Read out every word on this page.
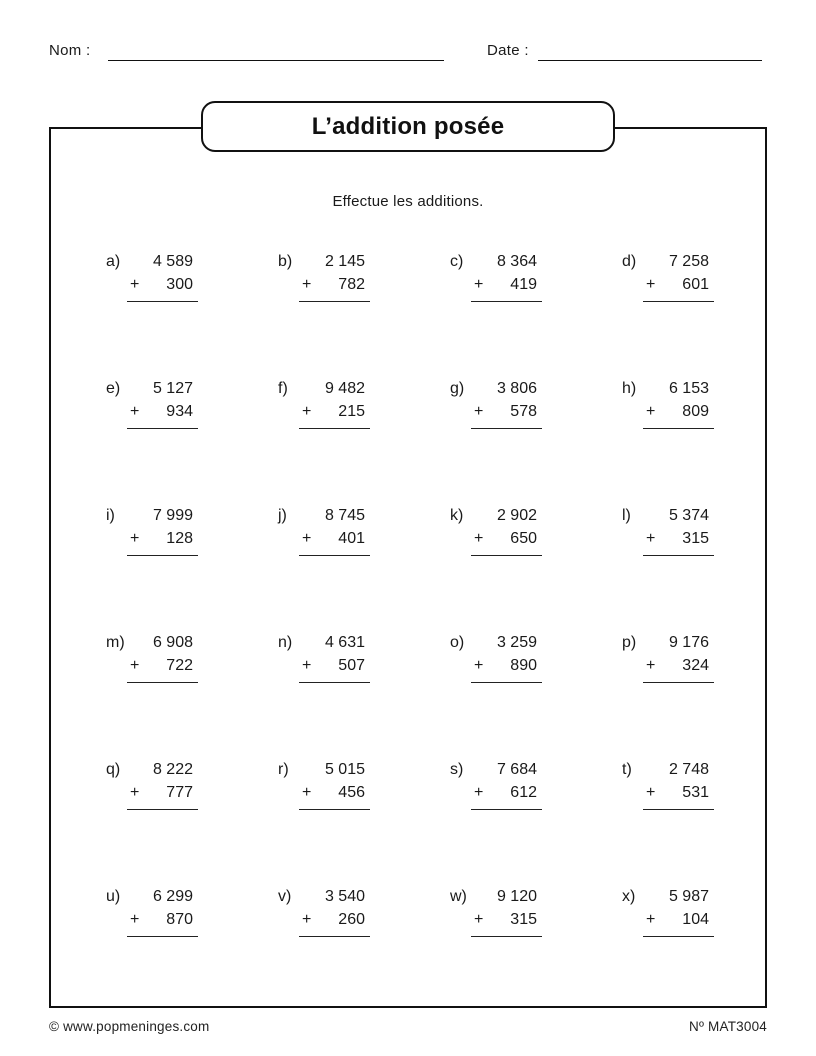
Nom :	Date :
L’addition posée

Effectue les additions.

a)	4 589
+ 300
b)	2 145
+ 782
c)	8 364
+ 419
d)	7 258
+ 601
e)	5 127
+ 934
f)	9 482
+ 215
g)	3 806
+ 578
h)	6 153
+ 809
i)	7 999
+ 128
j)	8 745
+ 401
k)	2 902
+ 650
l)	5 374
+ 315
m)	6 908
+ 722
n)	4 631
+ 507
o)	3 259
+ 890
p)	9 176
+ 324
q)	8 222
+ 777
r)	5 015
+ 456
s)	7 684
+ 612
t)	2 748
+ 531
u)	6 299
+ 870
v)	3 540
+ 260
w)	9 120
+ 315
x)	5 987
+ 104
© www.popmeninges.com	Nº MAT3004
